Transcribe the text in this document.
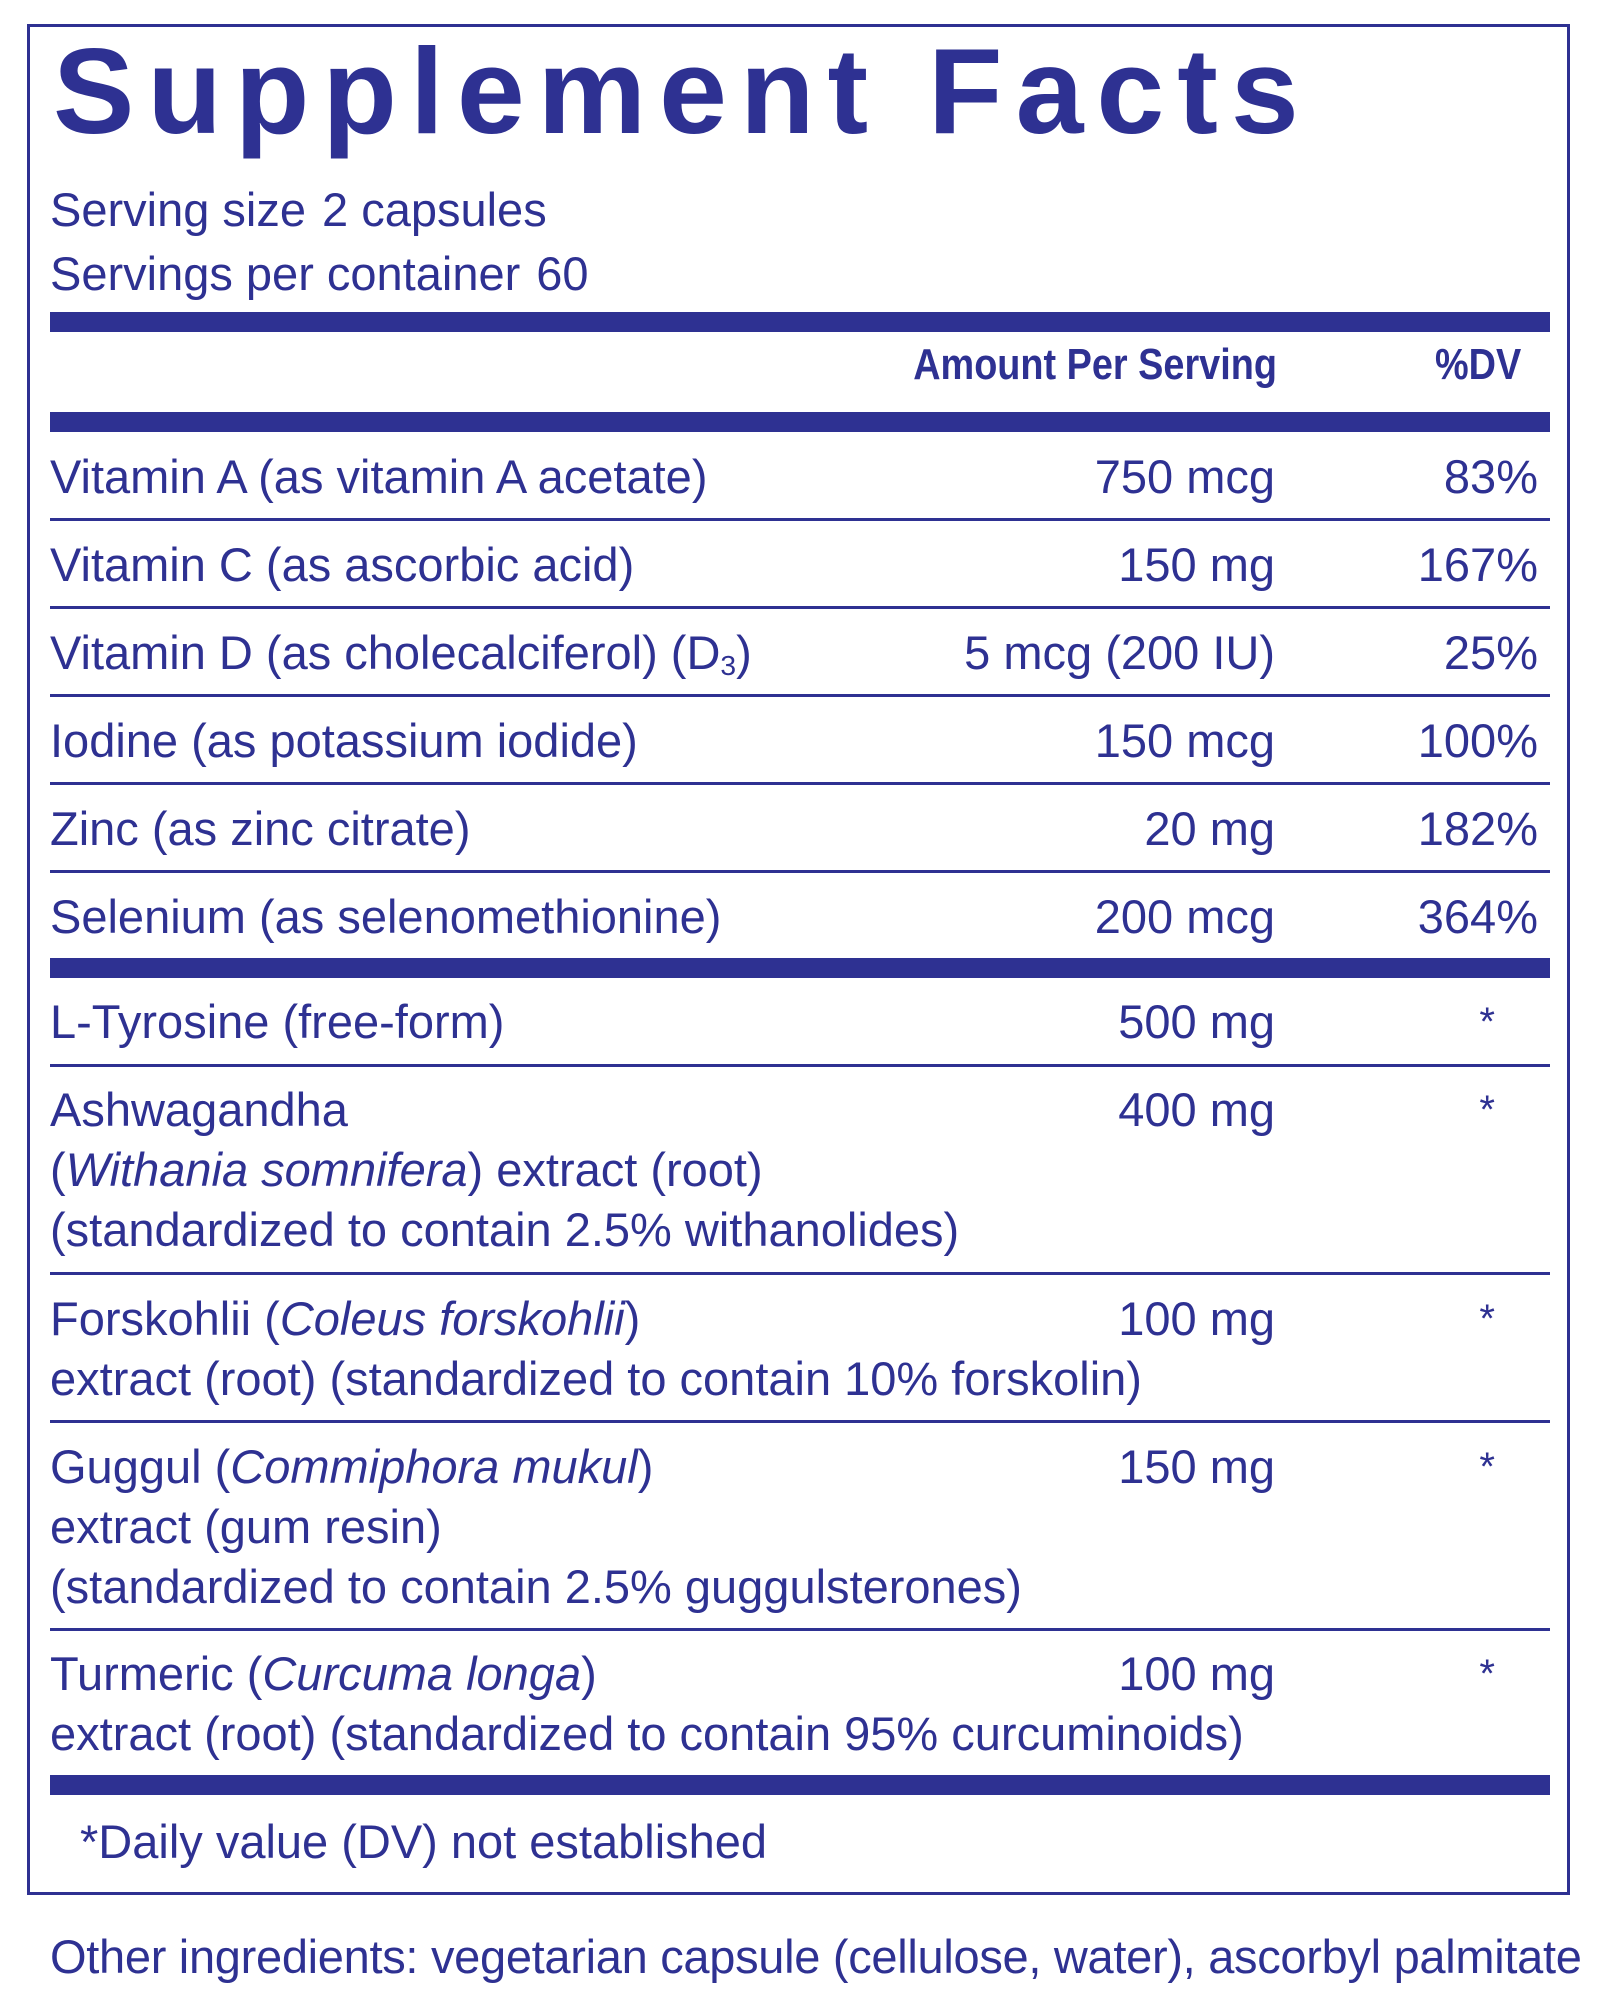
Supplement Facts
Serving size 2 capsules
Servings per container 60
Amount Per Serving	%DV
Vitamin A (as vitamin A acetate)	750 mcg	83%
Vitamin C (as ascorbic acid)	150 mg	167%
Vitamin D (as cholecalciferol) $(D_3)$	5 mcg (200 IU)	25%
Iodine (as potassium iodide)	150 mcg	100%
Zinc (as zinc citrate)	20 mg	182%
Selenium (as selenomethionine)	200 mcg	364%
L-Tyrosine (free-form)	500 mg	*
Ashwagandha
(Withania somnifera) extract (root)
(standardized to contain 2.5% withanolides)
400 mg	*
Forskohlii (Coleus forskohlii)
extract (root) (standardized to contain 10% forskolin)
100 mg	*
Guggul (Commiphora mukul)
extract (gum resin)
(standardized to contain 2.5% guggulsterones)
150 mg	*
Turmeric (Curcuma longa)
extract (root) (standardized to contain 95% curcuminoids)
100 mg	*
*Daily value (DV) not established
Other ingredients: vegetarian capsule (cellulose, water), ascorbyl palmitate
